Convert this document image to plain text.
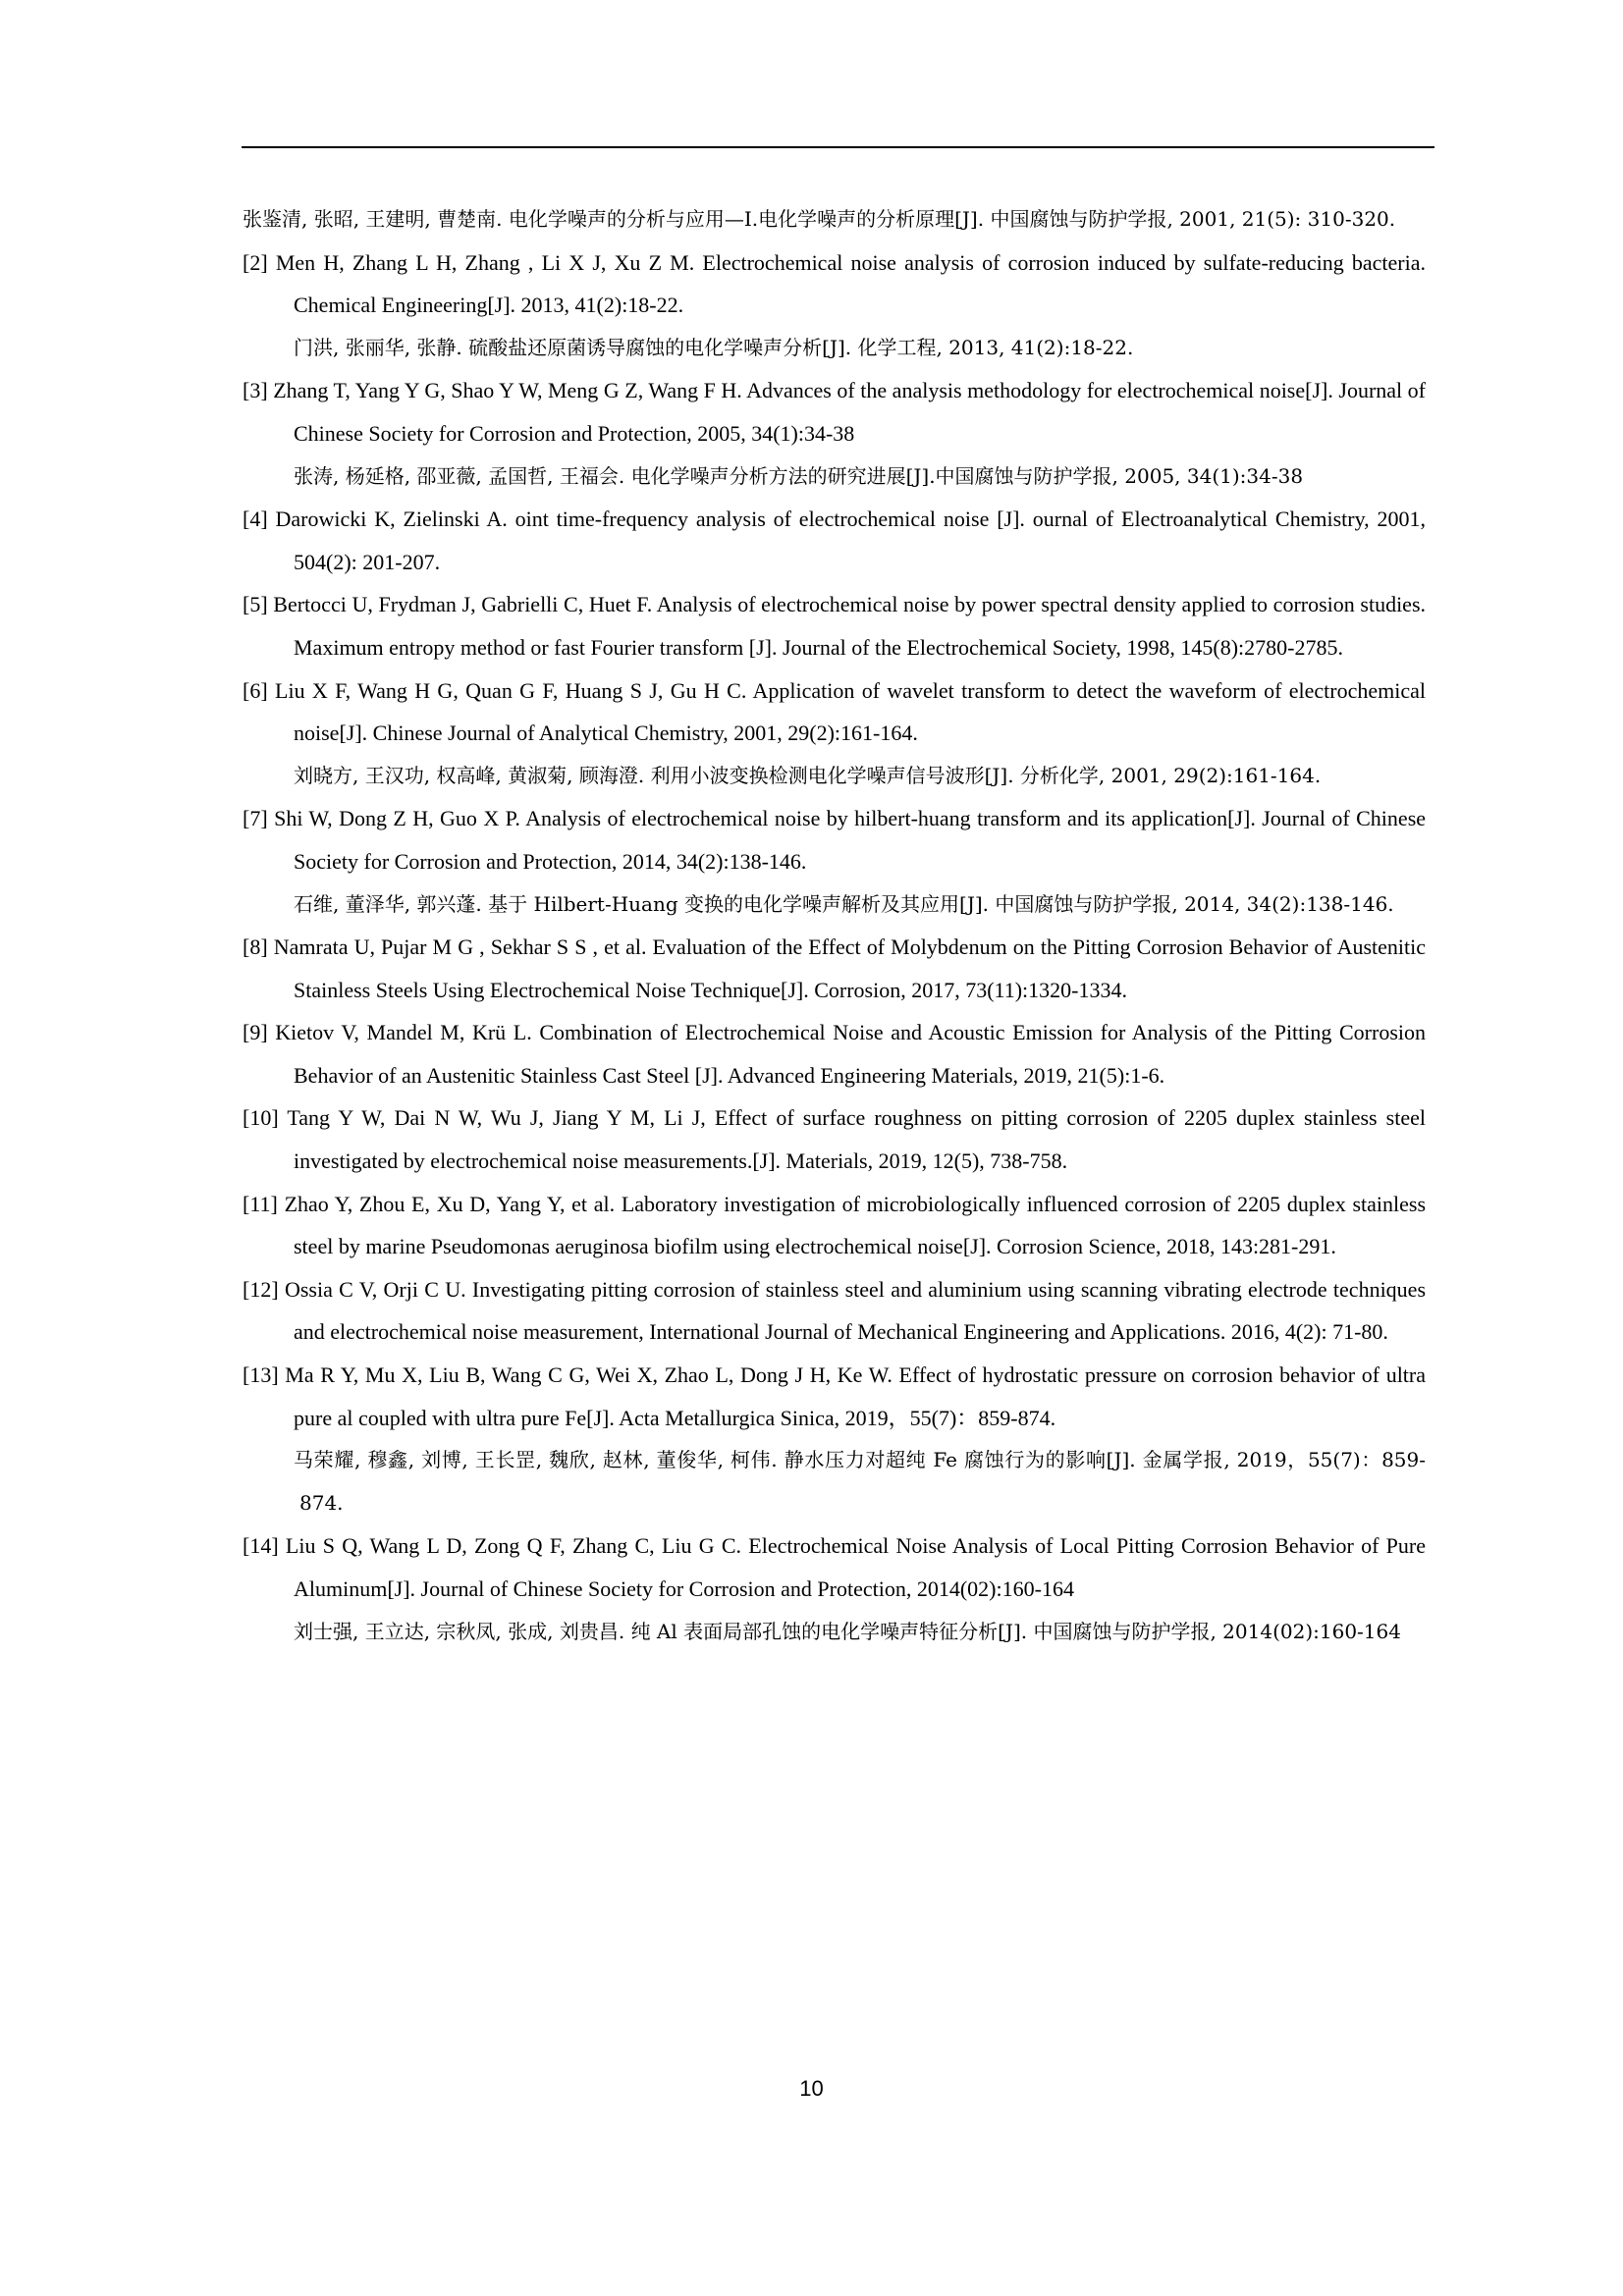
张鉴清, 张昭, 王建明, 曹楚南. 电化学噪声的分析与应用—I.电化学噪声的分析原理[J]. 中国腐蚀与防护学报, 2001, 21(5): 310-320.
[2] Men H, Zhang L H, Zhang , Li X J, Xu Z M. Electrochemical noise analysis of corrosion induced by sulfate-reducing bacteria. Chemical Engineering[J]. 2013, 41(2):18-22.
门洪, 张丽华, 张静. 硫酸盐还原菌诱导腐蚀的电化学噪声分析[J]. 化学工程, 2013, 41(2):18-22.
[3] Zhang T, Yang Y G, Shao Y W, Meng G Z, Wang F H. Advances of the analysis methodology for electrochemical noise[J]. Journal of Chinese Society for Corrosion and Protection, 2005, 34(1):34-38
张涛, 杨延格, 邵亚薇, 孟国哲, 王福会. 电化学噪声分析方法的研究进展[J].中国腐蚀与防护学报, 2005, 34(1):34-38
[4] Darowicki K, Zielinski A. oint time-frequency analysis of electrochemical noise [J]. ournal of Electroanalytical Chemistry, 2001, 504(2): 201-207.
[5] Bertocci U, Frydman J, Gabrielli C, Huet F. Analysis of electrochemical noise by power spectral density applied to corrosion studies. Maximum entropy method or fast Fourier transform [J]. Journal of the Electrochemical Society, 1998, 145(8):2780-2785.
[6] Liu X F, Wang H G, Quan G F, Huang S J, Gu H C. Application of wavelet transform to detect the waveform of electrochemical noise[J]. Chinese Journal of Analytical Chemistry, 2001, 29(2):161-164.
刘晓方, 王汉功, 权高峰, 黄淑菊, 顾海澄. 利用小波变换检测电化学噪声信号波形[J]. 分析化学, 2001, 29(2):161-164.
[7] Shi W, Dong Z H, Guo X P. Analysis of electrochemical noise by hilbert-huang transform and its application[J]. Journal of Chinese Society for Corrosion and Protection, 2014, 34(2):138-146.
石维, 董泽华, 郭兴蓬. 基于 Hilbert-Huang 变换的电化学噪声解析及其应用[J]. 中国腐蚀与防护学报, 2014, 34(2):138-146.
[8] Namrata U, Pujar M G , Sekhar S S , et al. Evaluation of the Effect of Molybdenum on the Pitting Corrosion Behavior of Austenitic Stainless Steels Using Electrochemical Noise Technique[J]. Corrosion, 2017, 73(11):1320-1334.
[9] Kietov V, Mandel M, Krü L. Combination of Electrochemical Noise and Acoustic Emission for Analysis of the Pitting Corrosion Behavior of an Austenitic Stainless Cast Steel [J]. Advanced Engineering Materials, 2019, 21(5):1-6.
[10] Tang Y W, Dai N W, Wu J, Jiang Y M, Li J, Effect of surface roughness on pitting corrosion of 2205 duplex stainless steel investigated by electrochemical noise measurements.[J]. Materials, 2019, 12(5), 738-758.
[11] Zhao Y, Zhou E, Xu D, Yang Y, et al. Laboratory investigation of microbiologically influenced corrosion of 2205 duplex stainless steel by marine Pseudomonas aeruginosa biofilm using electrochemical noise[J]. Corrosion Science, 2018, 143:281-291.
[12] Ossia C V, Orji C U. Investigating pitting corrosion of stainless steel and aluminium using scanning vibrating electrode techniques and electrochemical noise measurement, International Journal of Mechanical Engineering and Applications. 2016, 4(2): 71-80.
[13] Ma R Y, Mu X, Liu B, Wang C G, Wei X, Zhao L, Dong J H, Ke W. Effect of hydrostatic pressure on corrosion behavior of ultra pure al coupled with ultra pure Fe[J]. Acta Metallurgica Sinica, 2019，55(7)：859-874.
马荣耀, 穆鑫, 刘博, 王长罡, 魏欣, 赵林, 董俊华, 柯伟. 静水压力对超纯 Fe 腐蚀行为的影响[J]. 金属学报, 2019，55(7)：859-874.
[14] Liu S Q, Wang L D, Zong Q F, Zhang C, Liu G C. Electrochemical Noise Analysis of Local Pitting Corrosion Behavior of Pure Aluminum[J]. Journal of Chinese Society for Corrosion and Protection, 2014(02):160-164
刘士强, 王立达, 宗秋凤, 张成, 刘贵昌. 纯 Al 表面局部孔蚀的电化学噪声特征分析[J]. 中国腐蚀与防护学报, 2014(02):160-164
10
